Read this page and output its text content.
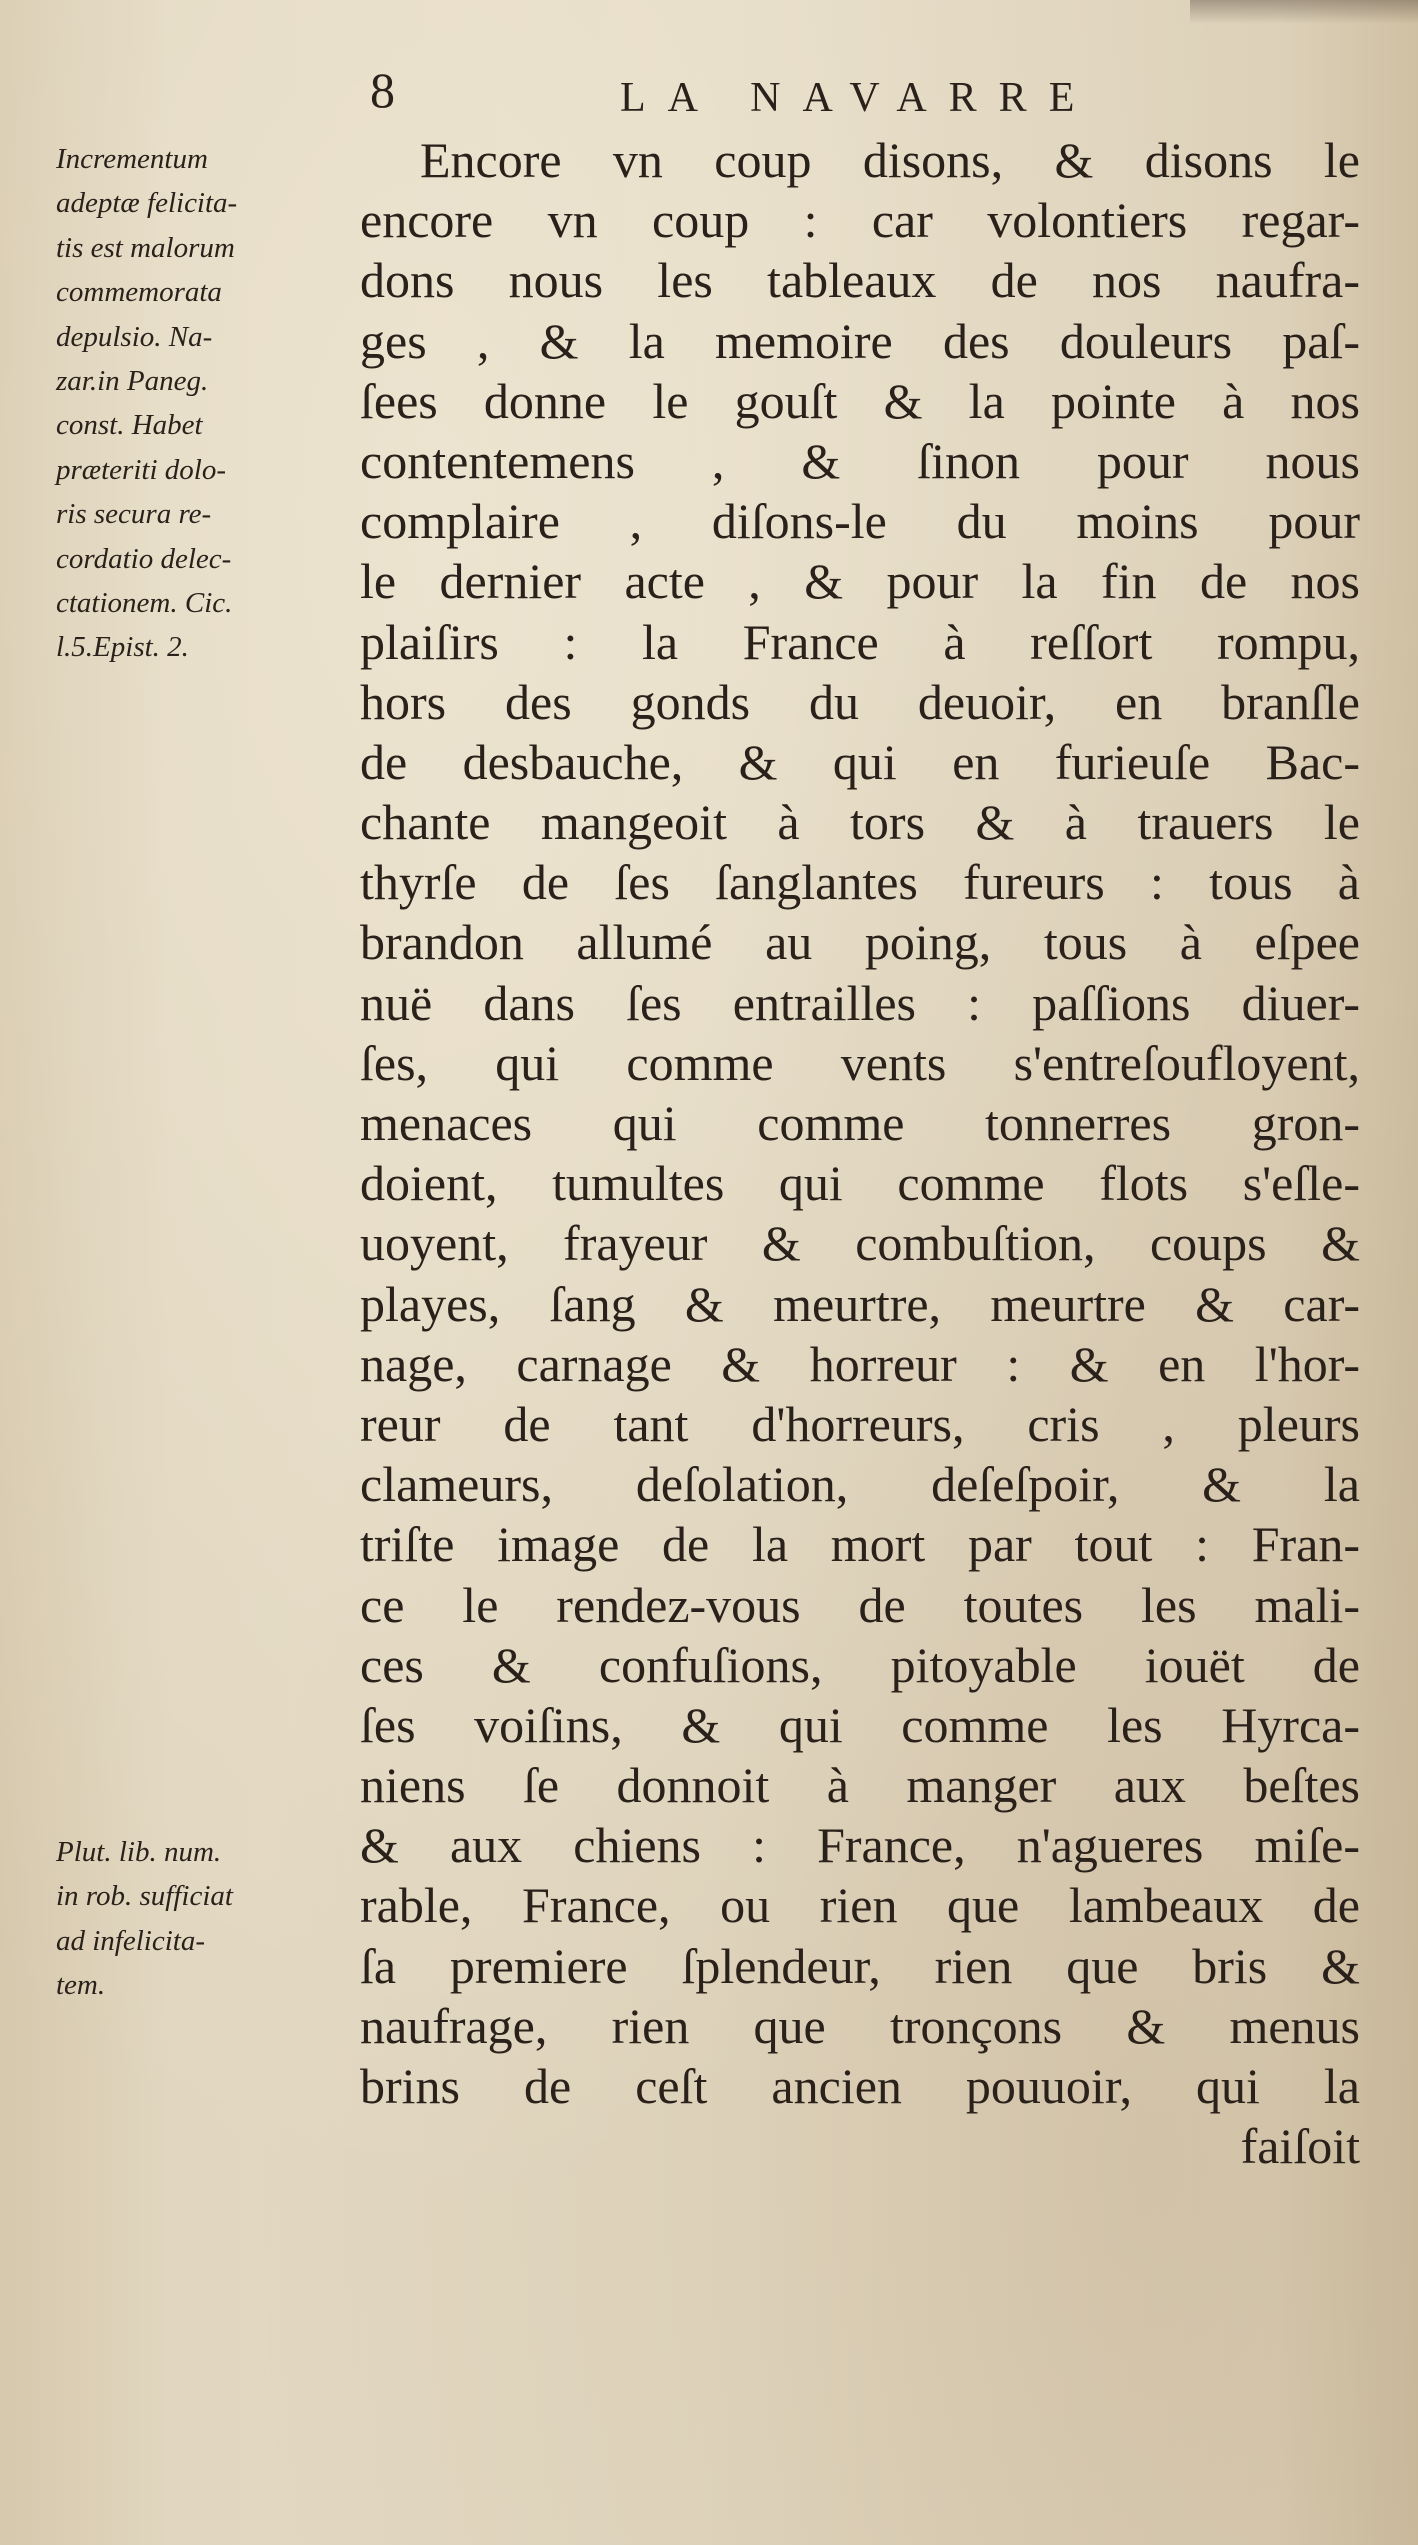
8	LA NAVARRE
Incrementum
adeptæ felicita-
tis est malorum
commemorata
depulsio. Na-
zar.in Paneg.
const. Habet
præteriti dolo-
ris secura re-
cordatio delec-
ctationem. Cic.
l.5.Epist. 2.
Plut. lib. num.
in rob. sufficiat
ad infelicita-
tem.
Encore vn coup disons, & disons le
encore vn coup : car volontiers regar-
dons nous les tableaux de nos naufra-
ges , & la memoire des douleurs paſ-
ſees donne le gouſt & la pointe à nos
contentemens , & ſinon pour nous
complaire , diſons-le du moins pour
le dernier acte , & pour la fin de nos
plaiſirs : la France à reſſort rompu,
hors des gonds du deuoir, en branſle
de desbauche, & qui en furieuſe Bac-
chante mangeoit à tors & à trauers le
thyrſe de ſes ſanglantes fureurs : tous à
brandon allumé au poing, tous à eſpee
nuë dans ſes entrailles : paſſions diuer-
ſes, qui comme vents s'entreſoufloyent,
menaces qui comme tonnerres gron-
doient, tumultes qui comme flots s'eſle-
uoyent, frayeur & combuſtion, coups &
playes, ſang & meurtre, meurtre & car-
nage, carnage & horreur : & en l'hor-
reur de tant d'horreurs, cris , pleurs
clameurs, deſolation, deſeſpoir, & la
triſte image de la mort par tout : Fran-
ce le rendez-vous de toutes les mali-
ces & confuſions, pitoyable iouët de
ſes voiſins, & qui comme les Hyrca-
niens ſe donnoit à manger aux beſtes
& aux chiens : France, n'agueres miſe-
rable, France, ou rien que lambeaux de
ſa premiere ſplendeur, rien que bris &
naufrage, rien que tronçons & menus
brins de ceſt ancien pouuoir, qui la
faiſoit
